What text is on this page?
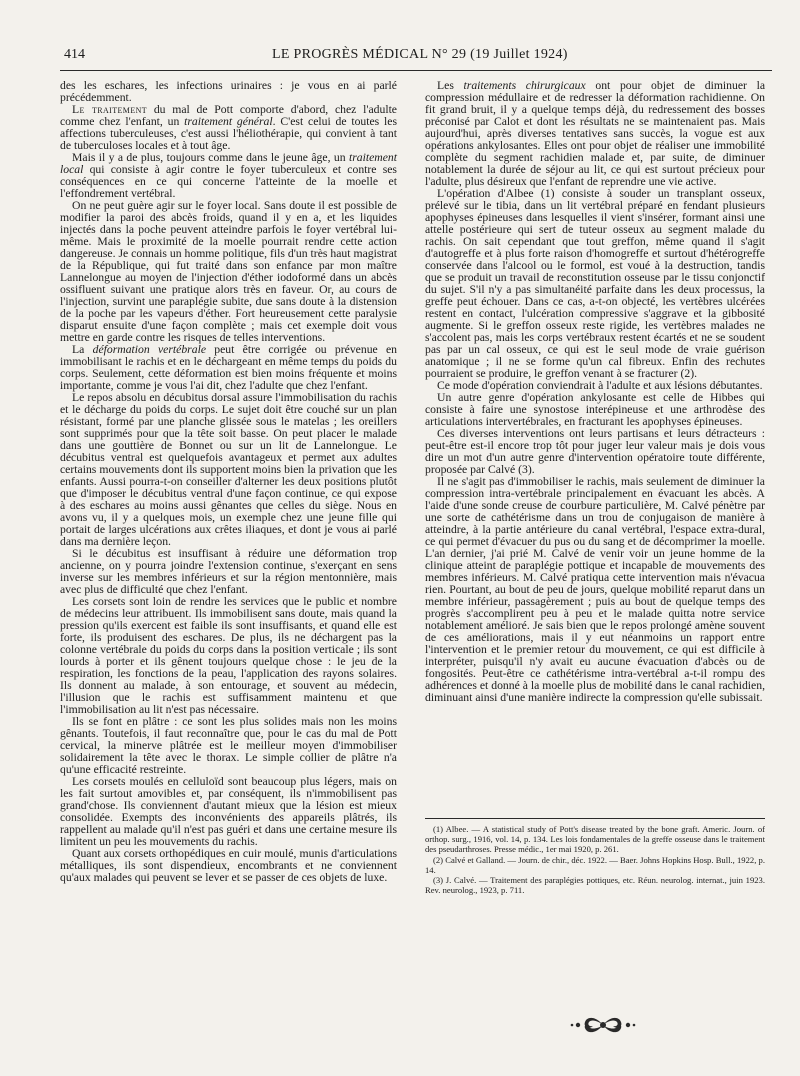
414	LE PROGRÈS MÉDICAL N° 29 (19 Juillet 1924)

des les eschares, les infections urinaires : je vous en ai parlé précédemment.

Le traitement du mal de Pott comporte d'abord, chez l'adulte comme chez l'enfant, un traitement général. C'est celui de toutes les affections tuberculeuses, c'est aussi l'héliothérapie, qui convient à tant de tuberculoses locales et à tout âge.

Mais il y a de plus, toujours comme dans le jeune âge, un traitement local qui consiste à agir contre le foyer tuberculeux et contre ses conséquences en ce qui concerne l'atteinte de la moelle et l'effondrement vertébral.

On ne peut guère agir sur le foyer local. Sans doute il est possible de modifier la paroi des abcès froids, quand il y en a, et les liquides injectés dans la poche peuvent atteindre parfois le foyer vertébral lui-même. Mais le proximité de la moelle pourrait rendre cette action dangereuse. Je connais un homme politique, fils d'un très haut magistrat de la République, qui fut traité dans son enfance par mon maître Lannelongue au moyen de l'injection d'éther iodoformé dans un abcès ossifluent suivant une pratique alors très en faveur. Or, au cours de l'injection, survint une paraplégie subite, due sans doute à la distension de la poche par les vapeurs d'éther. Fort heureusement cette paralysie disparut ensuite d'une façon complète ; mais cet exemple doit vous mettre en garde contre les risques de telles interventions.

La déformation vertébrale peut être corrigée ou prévenue en immobilisant le rachis et en le déchargeant en même temps du poids du corps. Seulement, cette déformation est bien moins fréquente et moins importante, comme je vous l'ai dit, chez l'adulte que chez l'enfant.

Le repos absolu en décubitus dorsal assure l'immobilisation du rachis et le décharge du poids du corps. Le sujet doit être couché sur un plan résistant, formé par une planche glissée sous le matelas ; les oreillers sont supprimés pour que la tête soit basse. On peut placer le malade dans une gouttière de Bonnet ou sur un lit de Lannelongue. Le décubitus ventral est quelquefois avantageux et permet aux adultes certains mouvements dont ils supportent moins bien la privation que les enfants. Aussi pourra-t-on conseiller d'alterner les deux positions plutôt que d'imposer le décubitus ventral d'une façon continue, ce qui expose à des eschares au moins aussi gênantes que celles du siège. Nous en avons vu, il y a quelques mois, un exemple chez une jeune fille qui portait de larges ulcérations aux crêtes iliaques, et dont je vous ai parlé dans ma dernière leçon.

Si le décubitus est insuffisant à réduire une déformation trop ancienne, on y pourra joindre l'extension continue, s'exerçant en sens inverse sur les membres inférieurs et sur la région mentonnière, mais avec plus de difficulté que chez l'enfant.

Les corsets sont loin de rendre les services que le public et nombre de médecins leur attribuent. Ils immobilisent sans doute, mais quand la pression qu'ils exercent est faible ils sont insuffisants, et quand elle est forte, ils produisent des eschares. De plus, ils ne déchargent pas la colonne vertébrale du poids du corps dans la position verticale ; ils sont lourds à porter et ils gênent toujours quelque chose : le jeu de la respiration, les fonctions de la peau, l'application des rayons solaires. Ils donnent au malade, à son entourage, et souvent au médecin, l'illusion que le rachis est suffisamment maintenu et que l'immobilisation au lit n'est pas nécessaire.

Ils se font en plâtre : ce sont les plus solides mais non les moins gênants. Toutefois, il faut reconnaître que, pour le cas du mal de Pott cervical, la minerve plâtrée est le meilleur moyen d'immobiliser solidairement la tête avec le thorax. Le simple collier de plâtre n'a qu'une efficacité restreinte.

Les corsets moulés en celluloïd sont beaucoup plus légers, mais on les fait surtout amovibles et, par conséquent, ils n'immobilisent pas grand'chose. Ils conviennent d'autant mieux que la lésion est mieux consolidée. Exempts des inconvénients des appareils plâtrés, ils rappellent au malade qu'il n'est pas guéri et dans une certaine mesure ils limitent un peu les mouvements du rachis.

Quant aux corsets orthopédiques en cuir moulé, munis d'articulations métalliques, ils sont dispendieux, encombrants et ne conviennent qu'aux malades qui peuvent se lever et se passer de ces objets de luxe.

Les traitements chirurgicaux ont pour objet de diminuer la compression médullaire et de redresser la déformation rachidienne. On fit grand bruit, il y a quelque temps déjà, du redressement des bosses préconisé par Calot et dont les résultats ne se maintenaient pas. Mais aujourd'hui, après diverses tentatives sans succès, la vogue est aux opérations ankylosantes. Elles ont pour objet de réaliser une immobilité complète du segment rachidien malade et, par suite, de diminuer notablement la durée de séjour au lit, ce qui est surtout précieux pour l'adulte, plus désireux que l'enfant de reprendre une vie active.

L'opération d'Albee (1) consiste à souder un transplant osseux, prélevé sur le tibia, dans un lit vertébral préparé en fendant plusieurs apophyses épineuses dans lesquelles il vient s'insérer, formant ainsi une attelle postérieure qui sert de tuteur osseux au segment malade du rachis. On sait cependant que tout greffon, même quand il s'agit d'autogreffe et à plus forte raison d'homogreffe et surtout d'hétérogreffe conservée dans l'alcool ou le formol, est voué à la destruction, tandis que se produit un travail de reconstitution osseuse par le tissu conjonctif du sujet. S'il n'y a pas simultanéité parfaite dans les deux processus, la greffe peut échouer. Dans ce cas, a-t-on objecté, les vertèbres ulcérées restent en contact, l'ulcération compressive s'aggrave et la gibbosité augmente. Si le greffon osseux reste rigide, les vertèbres malades ne s'accolent pas, mais les corps vertébraux restent écartés et ne se soudent pas par un cal osseux, ce qui est le seul mode de vraie guérison anatomique ; il ne se forme qu'un cal fibreux. Enfin des rechutes pourraient se produire, le greffon venant à se fracturer (2).

Ce mode d'opération conviendrait à l'adulte et aux lésions débutantes.

Un autre genre d'opération ankylosante est celle de Hibbes qui consiste à faire une synostose interépineuse et une arthrodèse des articulations intervertébrales, en fracturant les apophyses épineuses.

Ces diverses interventions ont leurs partisans et leurs détracteurs : peut-être est-il encore trop tôt pour juger leur valeur mais je dois vous dire un mot d'un autre genre d'intervention opératoire toute différente, proposée par Calvé (3).

Il ne s'agit pas d'immobiliser le rachis, mais seulement de diminuer la compression intra-vertébrale principalement en évacuant les abcès. A l'aide d'une sonde creuse de courbure particulière, M. Calvé pénètre par une sorte de cathétérisme dans un trou de conjugaison de manière à atteindre, à la partie antérieure du canal vertébral, l'espace extra-dural, ce qui permet d'évacuer du pus ou du sang et de décomprimer la moelle. L'an dernier, j'ai prié M. Calvé de venir voir un jeune homme de la clinique atteint de paraplégie pottique et incapable de mouvements des membres inférieurs. M. Calvé pratiqua cette intervention mais n'évacua rien. Pourtant, au bout de peu de jours, quelque mobilité reparut dans un membre inférieur, passagèrement ; puis au bout de quelque temps des progrès s'accomplirent peu à peu et le malade quitta notre service notablement amélioré. Je sais bien que le repos prolongé amène souvent de ces améliorations, mais il y eut néanmoins un rapport entre l'intervention et le premier retour du mouvement, ce qui est difficile à interpréter, puisqu'il n'y avait eu aucune évacuation d'abcès ou de fongosités. Peut-être ce cathétérisme intra-vertébral a-t-il rompu des adhérences et donné à la moelle plus de mobilité dans le canal rachidien, diminuant ainsi d'une manière indirecte la compression qu'elle subissait.

(1) Albee. — A statistical study of Pott's disease treated by the bone graft. Americ. Journ. of orthop. surg., 1916, vol. 14, p. 134. Les lois fondamentales de la greffe osseuse dans le traitement des pseudarthroses. Presse médic., 1er mai 1920, p. 261.

(2) Calvé et Galland. — Journ. de chir., déc. 1922. — Baer. Johns Hopkins Hosp. Bull., 1922, p. 14.

(3) J. Calvé. — Traitement des paraplégies pottiques, etc. Réun. neurolog. internat., juin 1923. Rev. neurolog., 1923, p. 711.
